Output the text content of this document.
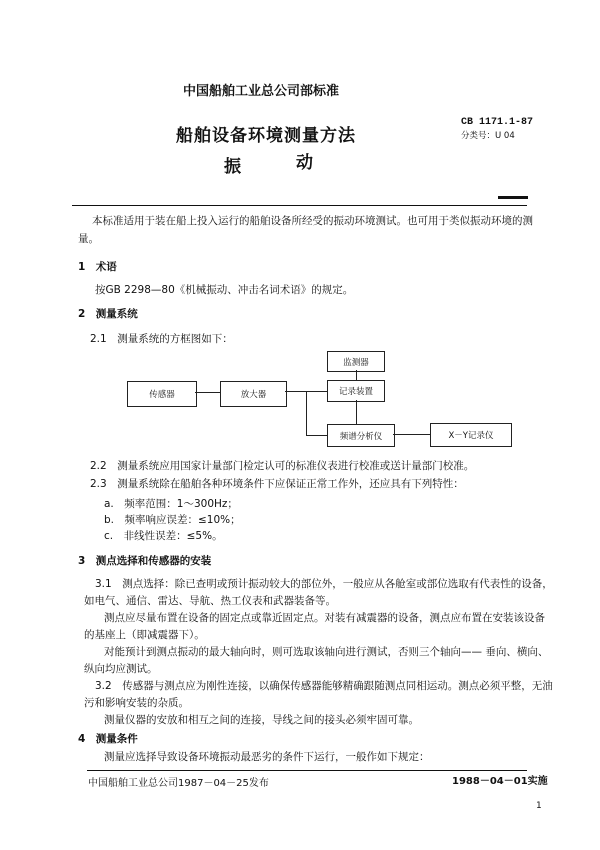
中国船舶工业总公司部标准
船舶设备环境测量方法
振	动
CB 1171.1-87
分类号：U 04
本标准适用于装在船上投入运行的船舶设备所经受的振动环境测试。也可用于类似振动环境的测
量。
1　术语
按GB 2298—80《机械振动、冲击名词术语》的规定。
2　测量系统
2.1　测量系统的方框图如下：
传感器	放大器
监测器
记录装置
频谱分析仪	X－Y记录仪
2.2　测量系统应用国家计量部门检定认可的标准仪表进行校准或送计量部门校准。
2.3　测量系统除在船舶各种环境条件下应保证正常工作外，还应具有下列特性：
a.　频率范围：1～300Hz；
b.　频率响应误差：≤10%；
c.　非线性误差：≤5%。
3　测点选择和传感器的安装
3.1　测点选择：除已查明或预计振动较大的部位外，一般应从各舱室或部位选取有代表性的设备，
如电气、通信、雷达、导航、热工仪表和武器装备等。
测点应尽量布置在设备的固定点或靠近固定点。对装有减震器的设备，测点应布置在安装该设备
的基座上（即减震器下）。
对能预计到测点振动的最大轴向时，则可选取该轴向进行测试，否则三个轴向—— 垂向、横向、
纵向均应测试。
3.2　传感器与测点应为刚性连接，以确保传感器能够精确跟随测点同相运动。测点必须平整，无油
污和影响安装的杂质。
测量仪器的安放和相互之间的连接，导线之间的接头必须牢固可靠。
4　测量条件
测量应选择导致设备环境振动最恶劣的条件下运行，一般作如下规定：
中国船舶工业总公司1987－04－25发布	1988－04－01实施
1
